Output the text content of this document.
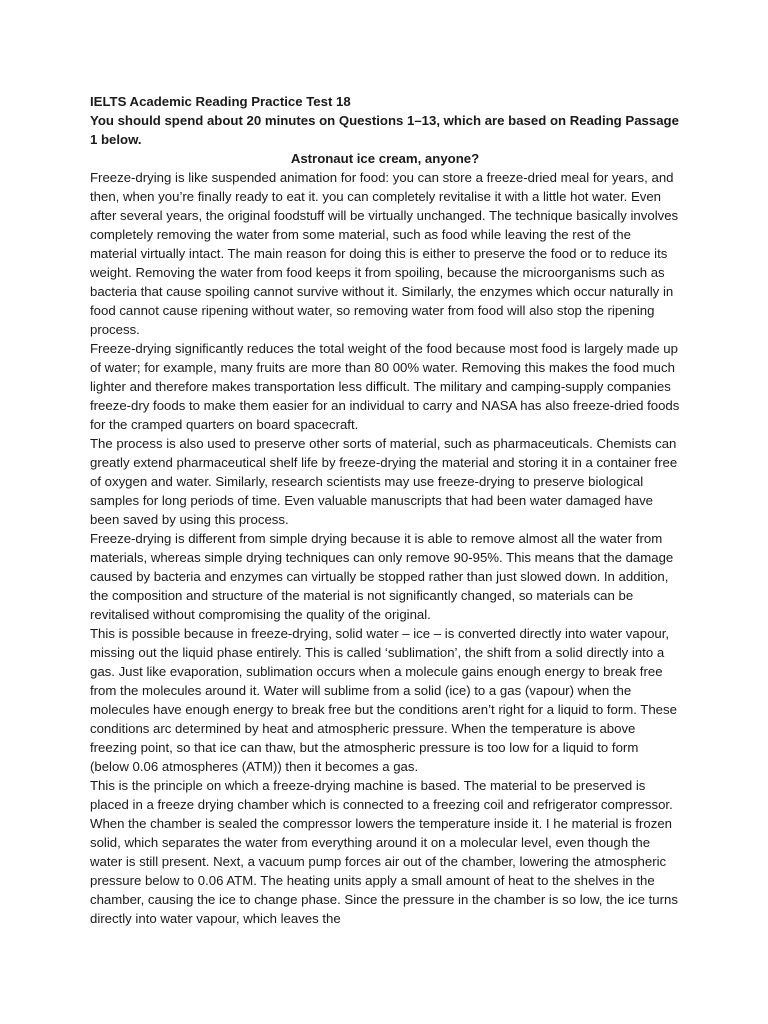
IELTS Academic Reading Practice Test 18

You should spend about 20 minutes on Questions 1–13, which are based on Reading Passage 1 below.

Astronaut ice cream, anyone?

Freeze-drying is like suspended animation for food: you can store a freeze-dried meal for years, and then, when you’re finally ready to eat it. you can completely revitalise it with a little hot water. Even after several years, the original foodstuff will be virtually unchanged. The technique basically involves completely removing the water from some material, such as food while leaving the rest of the material virtually intact. The main reason for doing this is either to preserve the food or to reduce its weight. Removing the water from food keeps it from spoiling, because the microorganisms such as bacteria that cause spoiling cannot survive without it. Similarly, the enzymes which occur naturally in food cannot cause ripening without water, so removing water from food will also stop the ripening process.

Freeze-drying significantly reduces the total weight of the food because most food is largely made up of water; for example, many fruits are more than 80 00% water. Removing this makes the food much lighter and therefore makes transportation less difficult. The military and camping-supply companies freeze-dry foods to make them easier for an individual to carry and NASA has also freeze-dried foods for the cramped quarters on board spacecraft.

The process is also used to preserve other sorts of material, such as pharmaceuticals. Chemists can greatly extend pharmaceutical shelf life by freeze-drying the material and storing it in a container free of oxygen and water. Similarly, research scientists may use freeze-drying to preserve biological samples for long periods of time. Even valuable manuscripts that had been water damaged have been saved by using this process.

Freeze-drying is different from simple drying because it is able to remove almost all the water from materials, whereas simple drying techniques can only remove 90-95%. This means that the damage caused by bacteria and enzymes can virtually be stopped rather than just slowed down. In addition, the composition and structure of the material is not significantly changed, so materials can be revitalised without compromising the quality of the original.

This is possible because in freeze-drying, solid water – ice – is converted directly into water vapour, missing out the liquid phase entirely. This is called ‘sublimation’, the shift from a solid directly into a gas. Just like evaporation, sublimation occurs when a molecule gains enough energy to break free from the molecules around it. Water will sublime from a solid (ice) to a gas (vapour) when the molecules have enough energy to break free but the conditions aren’t right for a liquid to form. These conditions arc determined by heat and atmospheric pressure. When the temperature is above freezing point, so that ice can thaw, but the atmospheric pressure is too low for a liquid to form (below 0.06 atmospheres (ATM)) then it becomes a gas.

This is the principle on which a freeze-drying machine is based. The material to be preserved is placed in a freeze drying chamber which is connected to a freezing coil and refrigerator compressor. When the chamber is sealed the compressor lowers the temperature inside it. I he material is frozen solid, which separates the water from everything around it on a molecular level, even though the water is still present. Next, a vacuum pump forces air out of the chamber, lowering the atmospheric pressure below to 0.06 ATM. The heating units apply a small amount of heat to the shelves in the chamber, causing the ice to change phase. Since the pressure in the chamber is so low, the ice turns directly into water vapour, which leaves the
